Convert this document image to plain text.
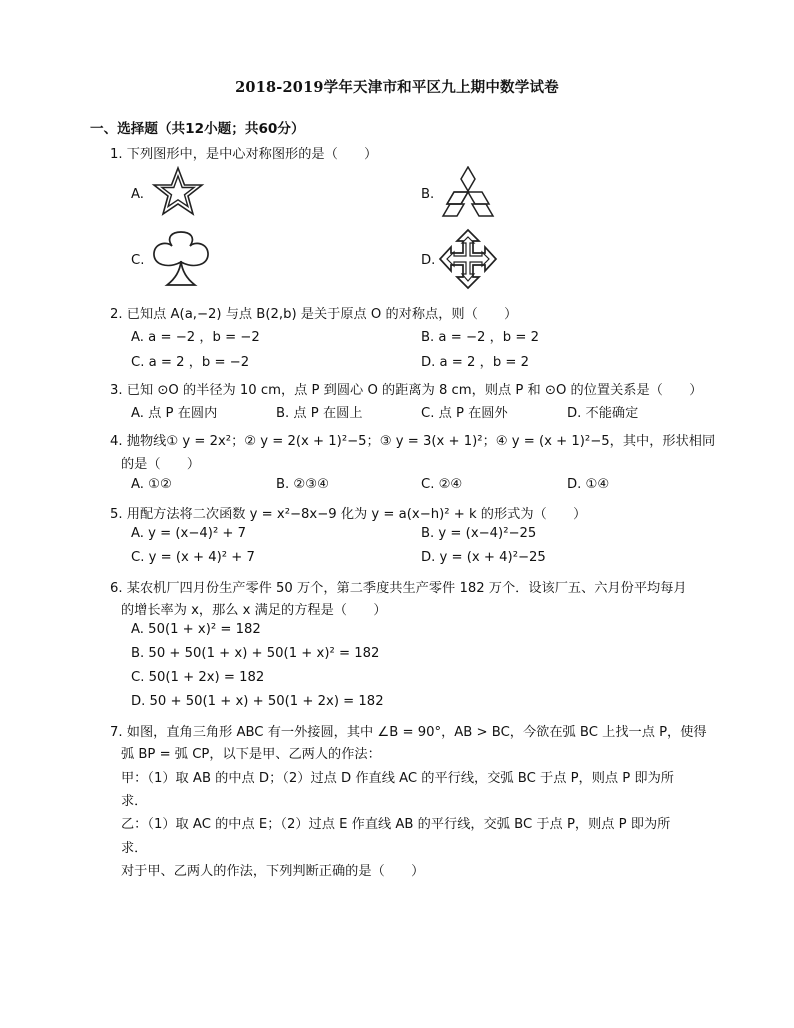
2018-2019学年天津市和平区九上期中数学试卷
一、选择题（共12小题；共60分）
1. 下列图形中，是中心对称图形的是（　　）
A.	B.
C.	D.
2. 已知点 A(a,−2) 与点 B(2,b) 是关于原点 O 的对称点，则（　　）
A. a = −2 ，b = −2	B. a = −2 ，b = 2
C. a = 2 ，b = −2	D. a = 2 ，b = 2
3. 已知 ⊙O 的半径为 10 cm，点 P 到圆心 O 的距离为 8 cm，则点 P 和 ⊙O 的位置关系是（　　）
A. 点 P 在圆内	B. 点 P 在圆上	C. 点 P 在圆外	D. 不能确定
4. 抛物线① y = 2x²；② y = 2(x + 1)²−5；③ y = 3(x + 1)²；④ y = (x + 1)²−5，其中，形状相同
的是（　　）
A. ①②	B. ②③④	C. ②④	D. ①④
5. 用配方法将二次函数 y = x²−8x−9 化为 y = a(x−h)² + k 的形式为（　　）
A. y = (x−4)² + 7	B. y = (x−4)²−25
C. y = (x + 4)² + 7	D. y = (x + 4)²−25
6. 某农机厂四月份生产零件 50 万个，第二季度共生产零件 182 万个．设该厂五、六月份平均每月
的增长率为 x，那么 x 满足的方程是（　　）
A. 50(1 + x)² = 182
B. 50 + 50(1 + x) + 50(1 + x)² = 182
C. 50(1 + 2x) = 182
D. 50 + 50(1 + x) + 50(1 + 2x) = 182
7. 如图，直角三角形 ABC 有一外接圆，其中 ∠B = 90°，AB > BC，今欲在弧 BC 上找一点 P，使得
弧 BP = 弧 CP，以下是甲、乙两人的作法：
甲：（1）取 AB 的中点 D；（2）过点 D 作直线 AC 的平行线，交弧 BC 于点 P，则点 P 即为所
求．
乙：（1）取 AC 的中点 E；（2）过点 E 作直线 AB 的平行线，交弧 BC 于点 P，则点 P 即为所
求．
对于甲、乙两人的作法，下列判断正确的是（　　）
